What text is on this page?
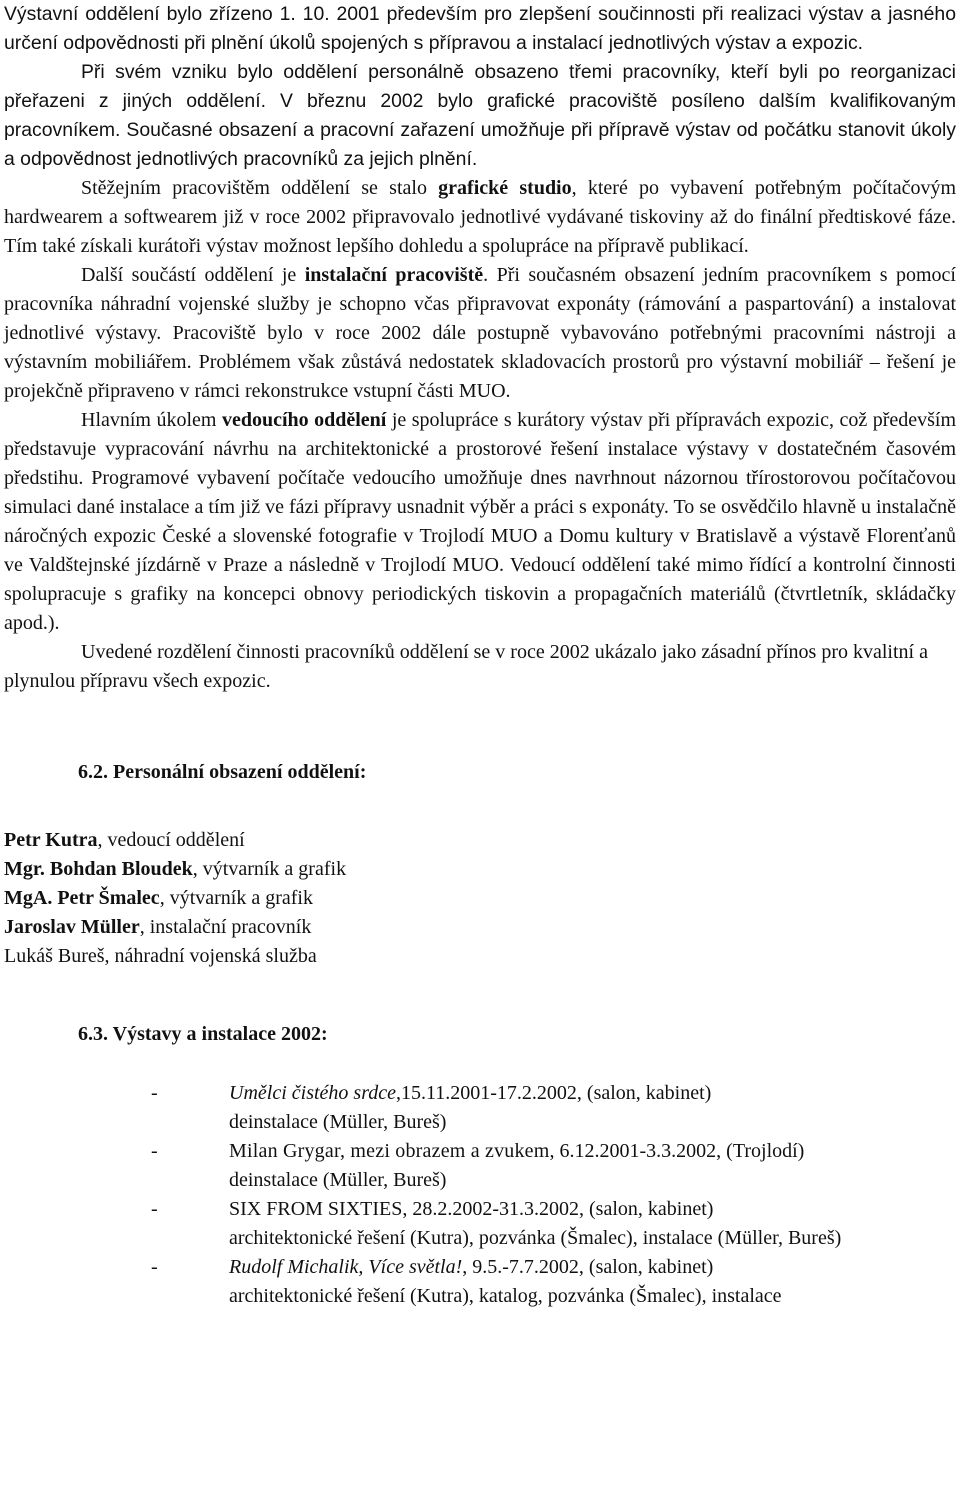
Výstavní oddělení bylo zřízeno 1. 10. 2001 především pro zlepšení součinnosti při realizaci výstav a jasného určení odpovědnosti při plnění úkolů spojených s přípravou a instalací jednotlivých výstav a expozic.

Při svém vzniku bylo oddělení personálně obsazeno třemi pracovníky, kteří byli po reorganizaci přeřazeni z jiných oddělení. V březnu 2002 bylo grafické pracoviště posíleno dalším kvalifikovaným pracovníkem. Současné obsazení a pracovní zařazení umožňuje při přípravě výstav od počátku stanovit úkoly a odpovědnost jednotlivých pracovníků za jejich plnění.

Stěžejním pracovištěm oddělení se stalo grafické studio, které po vybavení potřebným počítačovým hardwearem a softwearem již v roce 2002 připravovalo jednotlivé vydávané tiskoviny až do finální předtiskové fáze. Tím také získali kurátoři výstav možnost lepšího dohledu a spolupráce na přípravě publikací.

Další součástí oddělení je instalační pracoviště. Při současném obsazení jedním pracovníkem s pomocí pracovníka náhradní vojenské služby je schopno včas připravovat exponáty (rámování a paspartování) a instalovat jednotlivé výstavy. Pracoviště bylo v roce 2002 dále postupně vybavováno potřebnými pracovními nástroji a výstavním mobiliářem. Problémem však zůstává nedostatek skladovacích prostorů pro výstavní mobiliář – řešení je projekčně připraveno v rámci rekonstrukce vstupní části MUO.

Hlavním úkolem vedoucího oddělení je spolupráce s kurátory výstav při přípravách expozic, což především představuje vypracování návrhu na architektonické a prostorové řešení instalace výstavy v dostatečném časovém předstihu. Programové vybavení počítače vedoucího umožňuje dnes navrhnout názornou třírostorovou počítačovou simulaci dané instalace a tím již ve fázi přípravy usnadnit výběr a práci s exponáty. To se osvědčilo hlavně u instalačně náročných expozic České a slovenské fotografie v Trojlodí MUO a Domu kultury v Bratislavě a výstavě Florenťanů ve Valdštejnské jízdárně v Praze a následně v Trojlodí MUO. Vedoucí oddělení také mimo řídící a kontrolní činnosti spolupracuje s grafiky na koncepci obnovy periodických tiskovin a propagačních materiálů (čtvrtletník, skládačky apod.).

Uvedené rozdělení činnosti pracovníků oddělení se v roce 2002 ukázalo jako zásadní přínos pro kvalitní a plynulou přípravu všech expozic.

6.2. Personální obsazení oddělení:
Petr Kutra, vedoucí oddělení
Mgr. Bohdan Bloudek, výtvarník a grafik
MgA. Petr Šmalec, výtvarník a grafik
Jaroslav Müller, instalační pracovník
Lukáš Bureš, náhradní vojenská služba
6.3. Výstavy a instalace 2002:
-	Umělci čistého srdce,15.11.2001-17.2.2002, (salon, kabinet)
deinstalace (Müller, Bureš)
-	Milan Grygar, mezi obrazem a zvukem, 6.12.2001-3.3.2002, (Trojlodí)
deinstalace (Müller, Bureš)
-	SIX FROM SIXTIES, 28.2.2002-31.3.2002, (salon, kabinet)
architektonické řešení (Kutra), pozvánka (Šmalec), instalace (Müller, Bureš)
-	Rudolf Michalik, Více světla!, 9.5.-7.7.2002, (salon, kabinet)
architektonické řešení (Kutra), katalog, pozvánka (Šmalec), instalace
